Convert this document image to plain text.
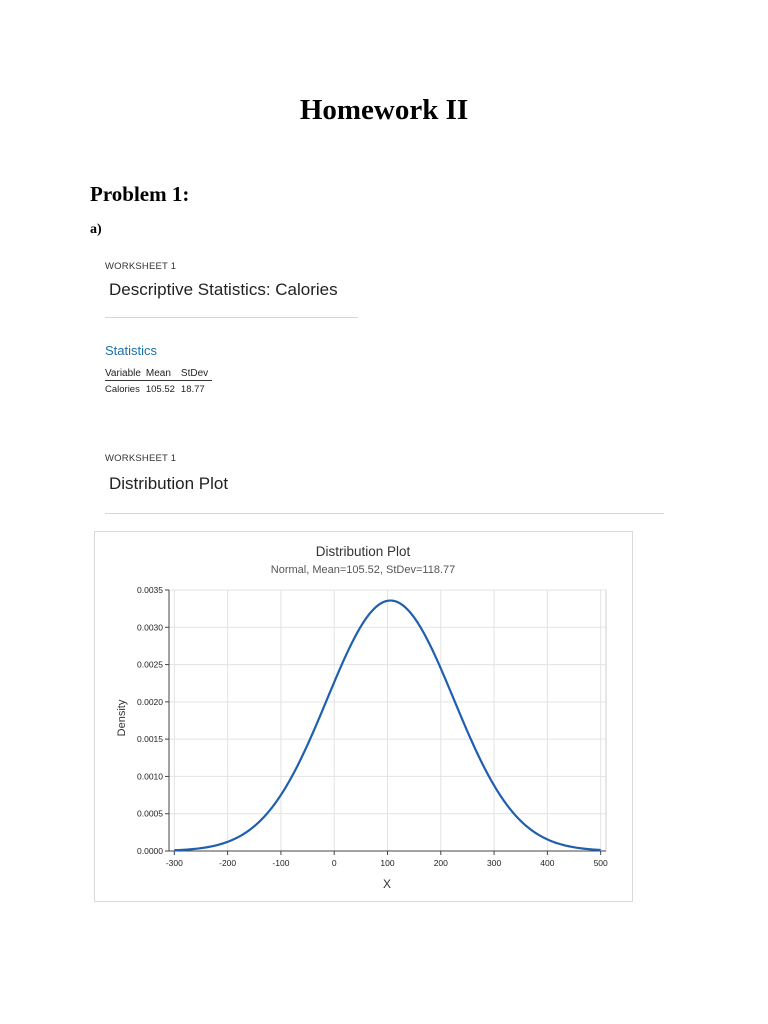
Homework II
Problem 1:
a)
WORKSHEET 1
Descriptive Statistics: Calories
Statistics
Variable	Mean	StDev
Calories	105.52	18.77
WORKSHEET 1
Distribution Plot
-300	-200	-100	0	100	200	300	400	500
0.0000
0.0005
0.0010
0.0015
0.0020
0.0025
0.0030
0.0035
Distribution Plot
Normal, Mean=105.52, StDev=118.77
X
Density
